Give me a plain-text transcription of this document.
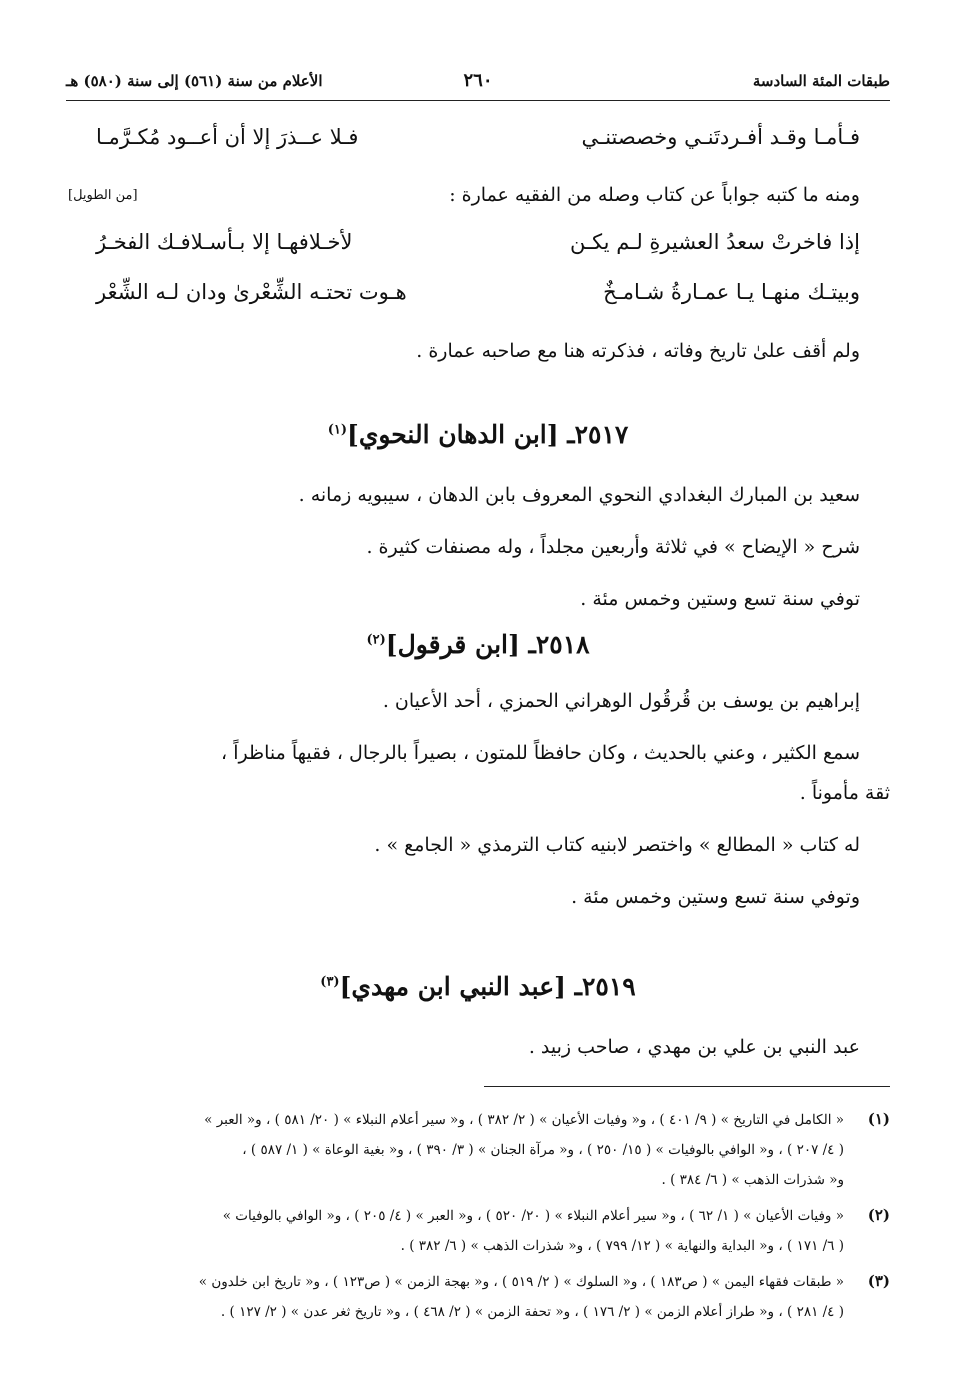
طبقات المئة السادسة
٢٦٠
الأعلام من سنة (٥٦١) إلى سنة (٥٨٠) هـ
فـأمـا وقـد أفـردتَنـي وخصصتنـي
فـلا عــذرَ إلا أن أعــود مُكـرَّمـا
ومنه ما كتبه جواباً عن كتاب وصله من الفقيه عمارة :
[من الطويل]
إذا فاخرتْ سعدُ العشيرةِ لـم يكـن
لأخـلافهـا إلا بـأسـلافـك الفخـرُ
وبيتـك منهـا يـا عمـارةُ شـامـخٌ
هـوت تحتـه الشِّعْرىٰ ودان لـه الشِّعْر
ولم أقف علىٰ تاريخ وفاته ، فذكرته هنا مع صاحبه عمارة .
٢٥١٧ـ [ابن الدهان النحوي]$^{(١)}$
سعيد بن المبارك البغدادي النحوي المعروف بابن الدهان ، سيبويه زمانه .
شرح « الإيضاح » في ثلاثة وأربعين مجلداً ، وله مصنفات كثيرة .
توفي سنة تسع وستين وخمس مئة .
٢٥١٨ـ [ابن قرقول]$^{(٢)}$
إبراهيم بن يوسف بن قُرقُول الوهراني الحمزي ، أحد الأعيان .
سمع الكثير ، وعني بالحديث ، وكان حافظاً للمتون ، بصيراً بالرجال ، فقيهاً مناظراً ،
ثقة مأموناً .
له كتاب « المطالع » واختصر لابنيه كتاب الترمذي « الجامع » .
وتوفي سنة تسع وستين وخمس مئة .
٢٥١٩ـ [عبد النبي ابن مهدي]$^{(٣)}$
عبد النبي بن علي بن مهدي ، صاحب زبيد .
(١)
« الكامل في التاريخ » ( ٩/ ٤٠١ ) ، و« وفيات الأعيان » ( ٢/ ٣٨٢ ) ، و« سير أعلام النبلاء » ( ٢٠/ ٥٨١ ) ، و« العبر »
( ٤/ ٢٠٧ ) ، و« الوافي بالوفيات » ( ١٥/ ٢٥٠ ) ، و« مرآة الجنان » ( ٣/ ٣٩٠ ) ، و« بغية الوعاة » ( ١/ ٥٨٧ ) ،
و« شذرات الذهب » ( ٦/ ٣٨٤ ) .
(٢)
« وفيات الأعيان » ( ١/ ٦٢ ) ، و« سير أعلام النبلاء » ( ٢٠/ ٥٢٠ ) ، و« العبر » ( ٤/ ٢٠٥ ) ، و« الوافي بالوفيات »
( ٦/ ١٧١ ) ، و« البداية والنهاية » ( ١٢/ ٧٩٩ ) ، و« شذرات الذهب » ( ٦/ ٣٨٢ ) .
(٣)
« طبقات فقهاء اليمن » ( ص١٨٣ ) ، و« السلوك » ( ٢/ ٥١٩ ) ، و« بهجة الزمن » ( ص١٢٣ ) ، و« تاريخ ابن خلدون »
( ٤/ ٢٨١ ) ، و« طراز أعلام الزمن » ( ٢/ ١٧٦ ) ، و« تحفة الزمن » ( ٢/ ٤٦٨ ) ، و« تاريخ ثغر عدن » ( ٢/ ١٢٧ ) .
